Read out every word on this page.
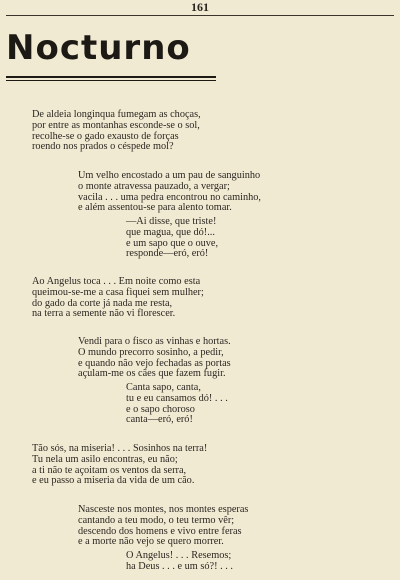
161
Nocturno
De aldeia longinqua fumegam as choças,
por entre as montanhas esconde-se o sol,
recolhe-se o gado exausto de forças
roendo nos prados o céspede mol?
Um velho encostado a um pau de sanguinho
o monte atravessa pauzado, a vergar;
vacila . . . uma pedra encontrou no caminho,
e além assentou-se para alento tomar.
—Ai disse, que triste!
que magua, que dó!...
e um sapo que o ouve,
responde—eró, eró!
Ao Angelus toca . . . Em noite como esta
queimou-se-me a casa fiquei sem mulher;
do gado da corte já nada me resta,
na terra a semente não vi florescer.
Vendi para o fisco as vinhas e hortas.
O mundo precorro sosinho, a pedir,
e quando não vejo fechadas as portas
açulam-me os cães que fazem fugir.
Canta sapo, canta,
tu e eu cansamos dó! . . .
e o sapo choroso
canta—eró, eró!
Tão sós, na miseria! . . . Sosinhos na terra!
Tu nela um asilo encontras, eu não;
a ti não te açoitam os ventos da serra,
e eu passo a miseria da vida de um cão.
Nasceste nos montes, nos montes esperas
cantando a teu modo, o teu termo vêr;
descendo dos homens e vivo entre feras
e a morte não vejo se quero morrer.
O Angelus! . . . Resemos;
ha Deus . . . e um só?! . . .
